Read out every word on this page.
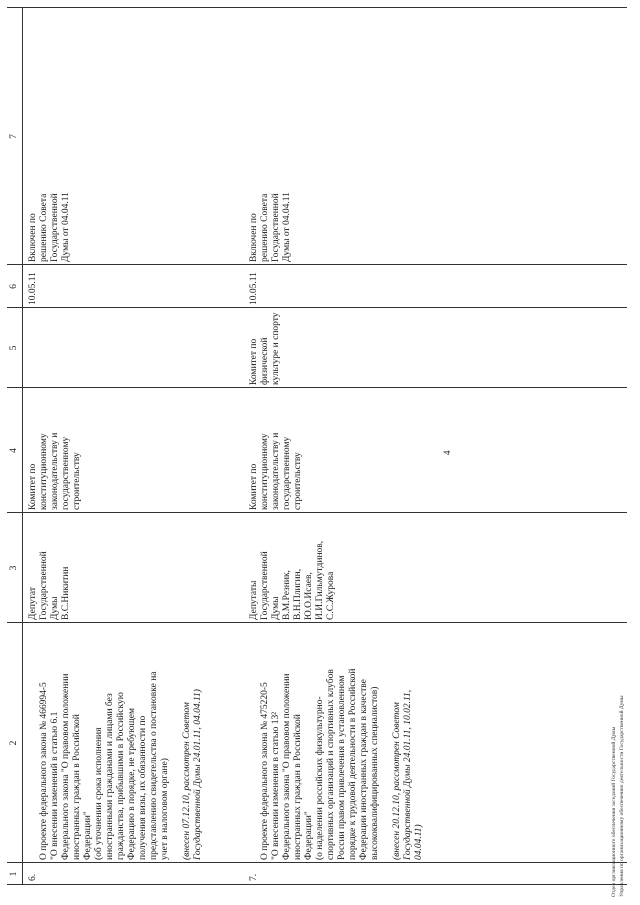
4
1
2
3
4
5
6
7
6.

О проекте федерального закона № 466994-5
"О внесении изменений в статью 6.1
Федерального закона "О правовом положении
иностранных граждан в Российской
Федерации"
(об уточнении срока исполнения
иностранными гражданами и лицами без
гражданства, прибывшими в Российскую
Федерацию в порядке, не требующем
получения визы, их обязанности по
представлению свидетельства о постановке на
учет в налоговом органе)

(внесен 07.12.10, рассмотрен Советом
Государственной Думы 24.01.11, 04.04.11)

Депутат
Государственной
Думы
В.С.Никитин
Комитет по
конституционному
законодательству и
государственному
строительству
10.05.11
Включен по
решению Совета
Государственной
Думы от 04.04.11
7.

О проекте федерального закона № 475220-5
"О внесении изменения в статью 13²
Федерального закона "О правовом положении
иностранных граждан в Российской
Федерации"
(о наделении российских физкультурно-
спортивных организаций и спортивных клубов
России правом привлечения в установленном
порядке к трудовой деятельности в Российской
Федерации иностранных граждан в качестве
высококвалифицированных специалистов)

(внесен 20.12.10, рассмотрен Советом
Государственной Думы 24.01.11, 10.02.11,
04.04.11)

Депутаты
Государственной
Думы
В.М.Резник,
В.Н.Плигин,
Ю.О.Исаев,
И.И.Гильмутдинов,
С.С.Журова
Комитет по
конституционному
законодательству и
государственному
строительству
Комитет по
физической
культуре и спорту
10.05.11
Включен по
решению Совета
Государственной
Думы от 04.04.11
Отдел организационного обеспечения заседаний Государственной Думы Управления по организационному обеспечению деятельности Государственной Думы
